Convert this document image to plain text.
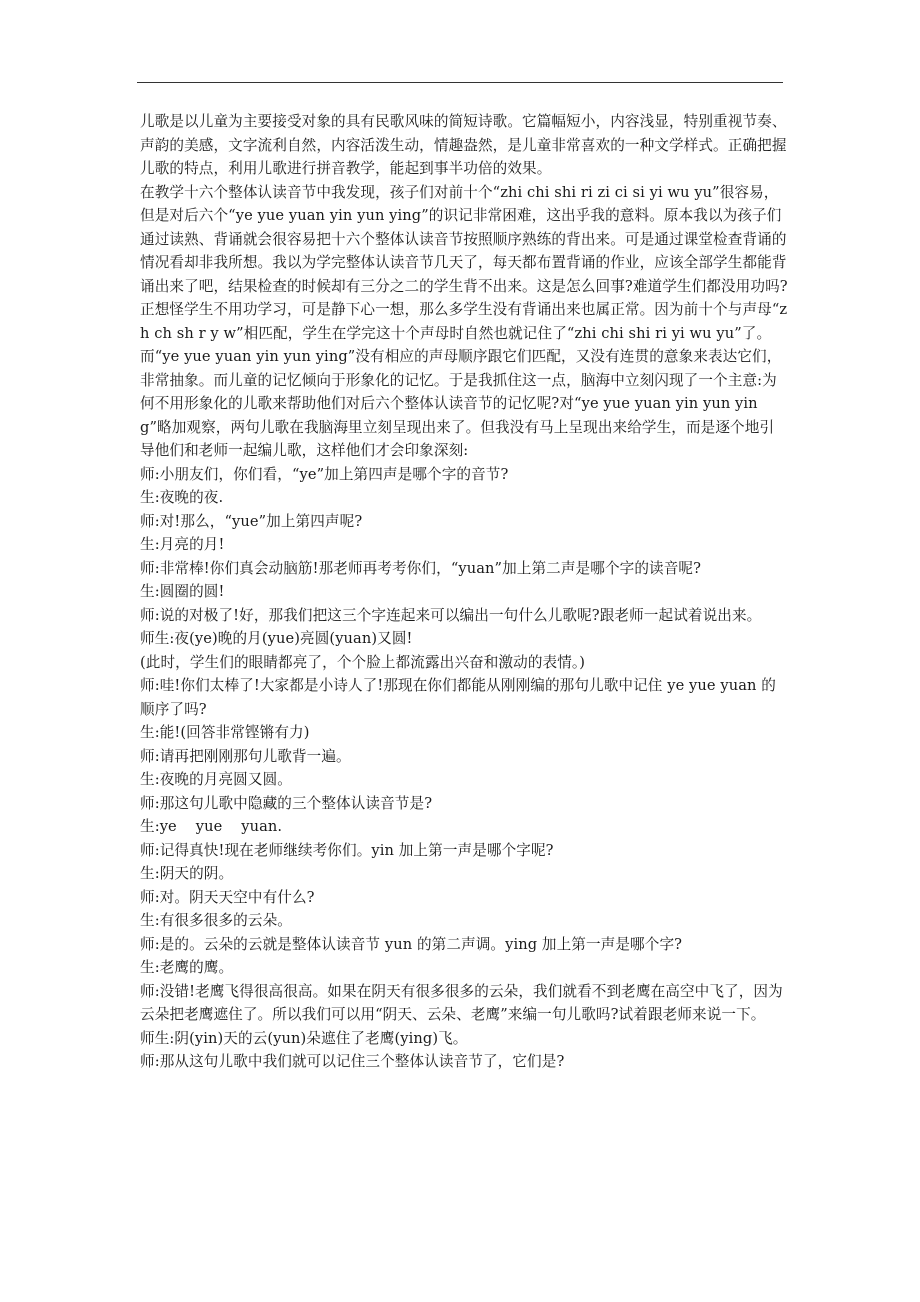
儿歌是以儿童为主要接受对象的具有民歌风味的简短诗歌。它篇幅短小，内容浅显，特别重视节奏、声韵的美感，文字流利自然，内容活泼生动，情趣盎然，是儿童非常喜欢的一种文学样式。正确把握儿歌的特点，利用儿歌进行拼音教学，能起到事半功倍的效果。

在教学十六个整体认读音节中我发现，孩子们对前十个“zhi chi shi ri zi ci si yi wu yu”很容易，但是对后六个“ye yue yuan yin yun ying”的识记非常困难，这出乎我的意料。原本我以为孩子们通过读熟、背诵就会很容易把十六个整体认读音节按照顺序熟练的背出来。可是通过课堂检查背诵的情况看却非我所想。我以为学完整体认读音节几天了，每天都布置背诵的作业，应该全部学生都能背诵出来了吧，结果检查的时候却有三分之二的学生背不出来。这是怎么回事?难道学生们都没用功吗?正想怪学生不用功学习，可是静下心一想，那么多学生没有背诵出来也属正常。因为前十个与声母“zh ch sh r y w”相匹配，学生在学完这十个声母时自然也就记住了“zhi chi shi ri yi wu yu”了。而“ye yue yuan yin yun ying”没有相应的声母顺序跟它们匹配，又没有连贯的意象来表达它们，非常抽象。而儿童的记忆倾向于形象化的记忆。于是我抓住这一点，脑海中立刻闪现了一个主意:为何不用形象化的儿歌来帮助他们对后六个整体认读音节的记忆呢?对“ye yue yuan yin yun ying”略加观察，两句儿歌在我脑海里立刻呈现出来了。但我没有马上呈现出来给学生，而是逐个地引导他们和老师一起编儿歌，这样他们才会印象深刻:

师:小朋友们，你们看，“ye”加上第四声是哪个字的音节?

生:夜晚的夜.

师:对!那么，“yue”加上第四声呢?

生:月亮的月!

师:非常棒!你们真会动脑筋!那老师再考考你们，“yuan”加上第二声是哪个字的读音呢?

生:圆圈的圆!

师:说的对极了!好，那我们把这三个字连起来可以编出一句什么儿歌呢?跟老师一起试着说出来。

师生:夜(ye)晚的月(yue)亮圆(yuan)又圆!

(此时，学生们的眼睛都亮了，个个脸上都流露出兴奋和激动的表情。)

师:哇!你们太棒了!大家都是小诗人了!那现在你们都能从刚刚编的那句儿歌中记住 ye yue yuan 的顺序了吗?

生:能!(回答非常铿锵有力)

师:请再把刚刚那句儿歌背一遍。

生:夜晚的月亮圆又圆。

师:那这句儿歌中隐藏的三个整体认读音节是?

生:ye    yue    yuan.

师:记得真快!现在老师继续考你们。yin 加上第一声是哪个字呢?

生:阴天的阴。

师:对。阴天天空中有什么?

生:有很多很多的云朵。

师:是的。云朵的云就是整体认读音节 yun 的第二声调。ying 加上第一声是哪个字?

生:老鹰的鹰。

师:没错!老鹰飞得很高很高。如果在阴天有很多很多的云朵，我们就看不到老鹰在高空中飞了，因为云朵把老鹰遮住了。所以我们可以用“阴天、云朵、老鹰”来编一句儿歌吗?试着跟老师来说一下。

师生:阴(yin)天的云(yun)朵遮住了老鹰(ying)飞。

师:那从这句儿歌中我们就可以记住三个整体认读音节了，它们是?
